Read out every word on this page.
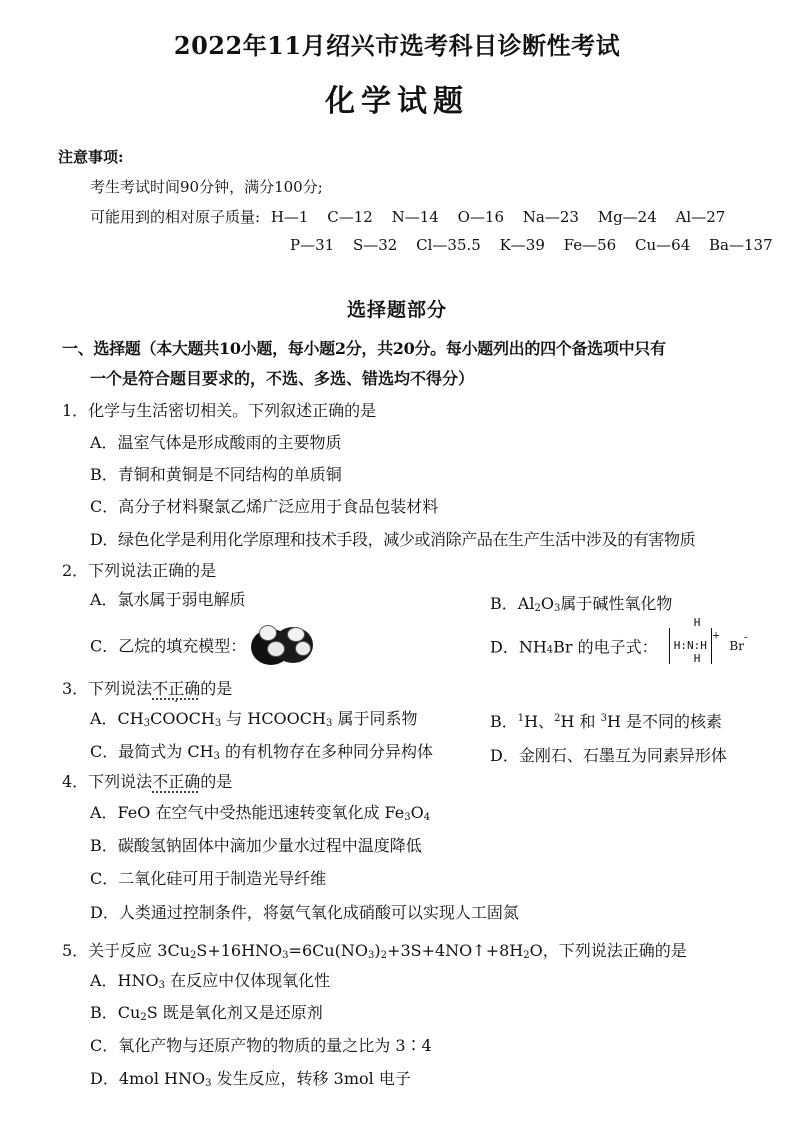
2022年11月绍兴市选考科目诊断性考试
化学试题
注意事项:
考生考试时间90分钟，满分100分;
可能用到的相对原子质量: H—1 C—12 N—14 O—16 Na—23 Mg—24 Al—27
P—31 S—32 Cl—35.5 K—39 Fe—56 Cu—64 Ba—137
选择题部分
一、选择题（本大题共10小题，每小题2分，共20分。每小题列出的四个备选项中只有
一个是符合题目要求的，不选、多选、错选均不得分）
1．化学与生活密切相关。下列叙述正确的是
A．温室气体是形成酸雨的主要物质
B．青铜和黄铜是不同结构的单质铜
C．高分子材料聚氯乙烯广泛应用于食品包装材料
D．绿色化学是利用化学原理和技术手段，减少或消除产品在生产生活中涉及的有害物质
2．下列说法正确的是
A．氯水属于弱电解质	B．$Al_2O_3$属于碱性氧化物
C．乙烷的填充模型：	D．$NH_4Br$ 的电子式：
H
H:N:H
H
+ Br-
3．下列说法不正确的是
A．$CH_3COOCH_3$ 与 $HCOOCH_3$ 属于同系物	B．$^1$H、$^2$H 和 $^3$H 是不同的核素
C．最简式为 $CH_3$ 的有机物存在多种同分异构体	D．金刚石、石墨互为同素异形体
4．下列说法不正确的是
A．FeO 在空气中受热能迅速转变氧化成 $Fe_3O_4$
B．碳酸氢钠固体中滴加少量水过程中温度降低
C．二氧化硅可用于制造光导纤维
D．人类通过控制条件，将氨气氧化成硝酸可以实现人工固氮
5．关于反应 $3Cu_2S+16HNO_3=6Cu(NO_3)_2+3S+4NO↑+8H_2O$，下列说法正确的是
A．$HNO_3$ 在反应中仅体现氧化性
B．$Cu_2S$ 既是氧化剂又是还原剂
C．氧化产物与还原产物的物质的量之比为 3∶4
D．4mol $HNO_3$ 发生反应，转移 3mol 电子
